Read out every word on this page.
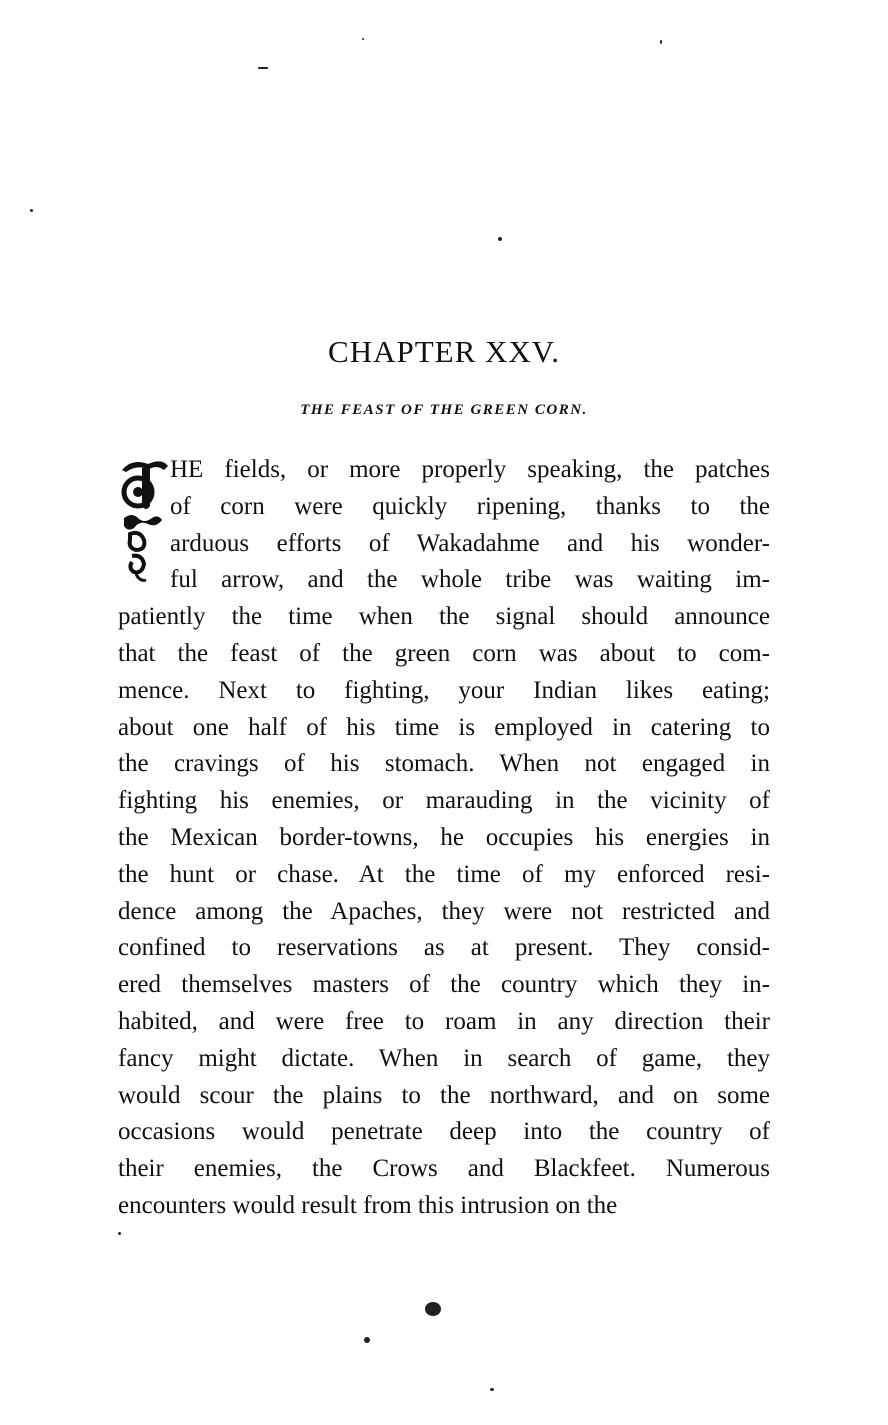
CHAPTER XXV.
THE FEAST OF THE GREEN CORN.
HE fields, or more properly speaking, the patches
of corn were quickly ripening, thanks to the
arduous efforts of Wakadahme and his wonder-
ful arrow, and the whole tribe was waiting im-
patiently the time when the signal should announce
that the feast of the green corn was about to com-
mence. Next to fighting, your Indian likes eating;
about one half of his time is employed in catering to
the cravings of his stomach. When not engaged in
fighting his enemies, or marauding in the vicinity of
the Mexican border-towns, he occupies his energies in
the hunt or chase. At the time of my enforced resi-
dence among the Apaches, they were not restricted and
confined to reservations as at present. They consid-
ered themselves masters of the country which they in-
habited, and were free to roam in any direction their
fancy might dictate. When in search of game, they
would scour the plains to the northward, and on some
occasions would penetrate deep into the country of
their enemies, the Crows and Blackfeet. Numerous
encounters would result from this intrusion on the
